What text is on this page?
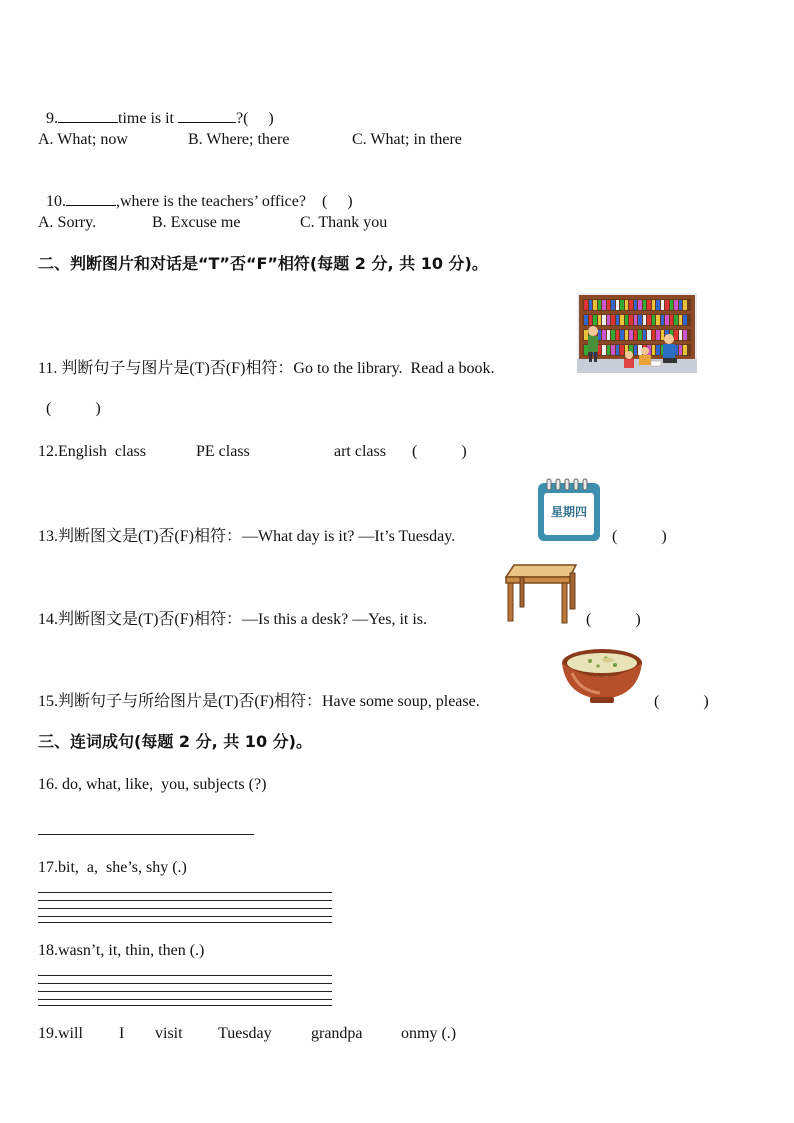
9.	time is it	?(     )

A. What; now	B. Where; there	C. What; in there

10.	,where is the teachers’ office?    (     )

A. Sorry.	B. Excuse me	C. Thank you
二、判断图片和对话是“T”否“F”相符(每题 2 分, 共 10 分)。
11. 判断句子与图片是(T)否(F)相符：Go to the library.  Read a book.
(           )
12.English  class	PE class	art class (           )
星期四
13.判断图文是(T)否(F)相符：—What day is it? —It’s Tuesday.	(           )
14.判断图文是(T)否(F)相符：—Is this a desk? —Yes, it is.	(           )
15.判断句子与所给图片是(T)否(F)相符：Have some soup, please.	(           )
三、连词成句(每题 2 分, 共 10 分)。
16. do, what, like,  you, subjects (?)
17.bit,  a,  she’s, shy (.)
18.wasn’t, it, thin, then (.)
19.will I visit Tuesday grandpa onmy (.)
